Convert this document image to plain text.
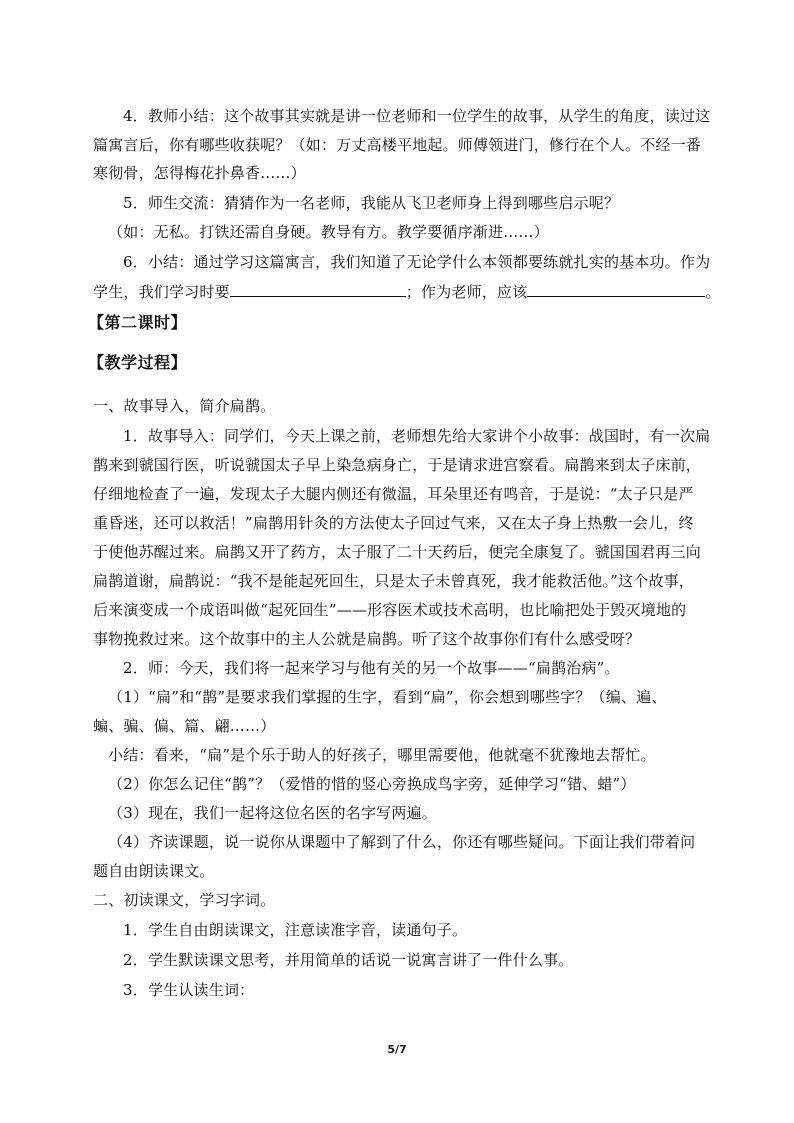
4．教师小结：这个故事其实就是讲一位老师和一位学生的故事，从学生的角度，读过这
篇寓言后，你有哪些收获呢？（如：万丈高楼平地起。师傅领进门，修行在个人。不经一番
寒彻骨，怎得梅花扑鼻香……）
5．师生交流：猜猜作为一名老师，我能从飞卫老师身上得到哪些启示呢？
（如：无私。打铁还需自身硬。教导有方。教学要循序渐进……）
6．小结：通过学习这篇寓言，我们知道了无论学什么本领都要练就扎实的基本功。作为
学生，我们学习时要	；作为老师，应该	。
【第二课时】
【教学过程】
一、故事导入，简介扁鹊。
1．故事导入：同学们，今天上课之前，老师想先给大家讲个小故事：战国时，有一次扁
鹊来到虢国行医，听说虢国太子早上染急病身亡，于是请求进宫察看。扁鹊来到太子床前，
仔细地检查了一遍，发现太子大腿内侧还有微温，耳朵里还有鸣音，于是说：“太子只是严
重昏迷，还可以救活！”扁鹊用针灸的方法使太子回过气来，又在太子身上热敷一会儿，终
于使他苏醒过来。扁鹊又开了药方，太子服了二十天药后，便完全康复了。虢国国君再三向
扁鹊道谢，扁鹊说：“我不是能起死回生，只是太子未曾真死，我才能救活他。”这个故事，
后来演变成一个成语叫做“起死回生”——形容医术或技术高明，也比喻把处于毁灭境地的
事物挽救过来。这个故事中的主人公就是扁鹊。听了这个故事你们有什么感受呀？
2．师：今天，我们将一起来学习与他有关的另一个故事——“扁鹊治病”。
（1）“扁”和“鹊”是要求我们掌握的生字，看到“扁”，你会想到哪些字？（编、遍、
蝙、骗、偏、篇、翩……）
小结：看来，“扁”是个乐于助人的好孩子，哪里需要他，他就毫不犹豫地去帮忙。
（2）你怎么记住“鹊”？（爱惜的惜的竖心旁换成鸟字旁，延伸学习“错、蜡”）
（3）现在，我们一起将这位名医的名字写两遍。
（4）齐读课题，说一说你从课题中了解到了什么，你还有哪些疑问。下面让我们带着问
题自由朗读课文。
二、初读课文，学习字词。
1．学生自由朗读课文，注意读准字音，读通句子。
2．学生默读课文思考，并用简单的话说一说寓言讲了一件什么事。
3．学生认读生词：
5/7
